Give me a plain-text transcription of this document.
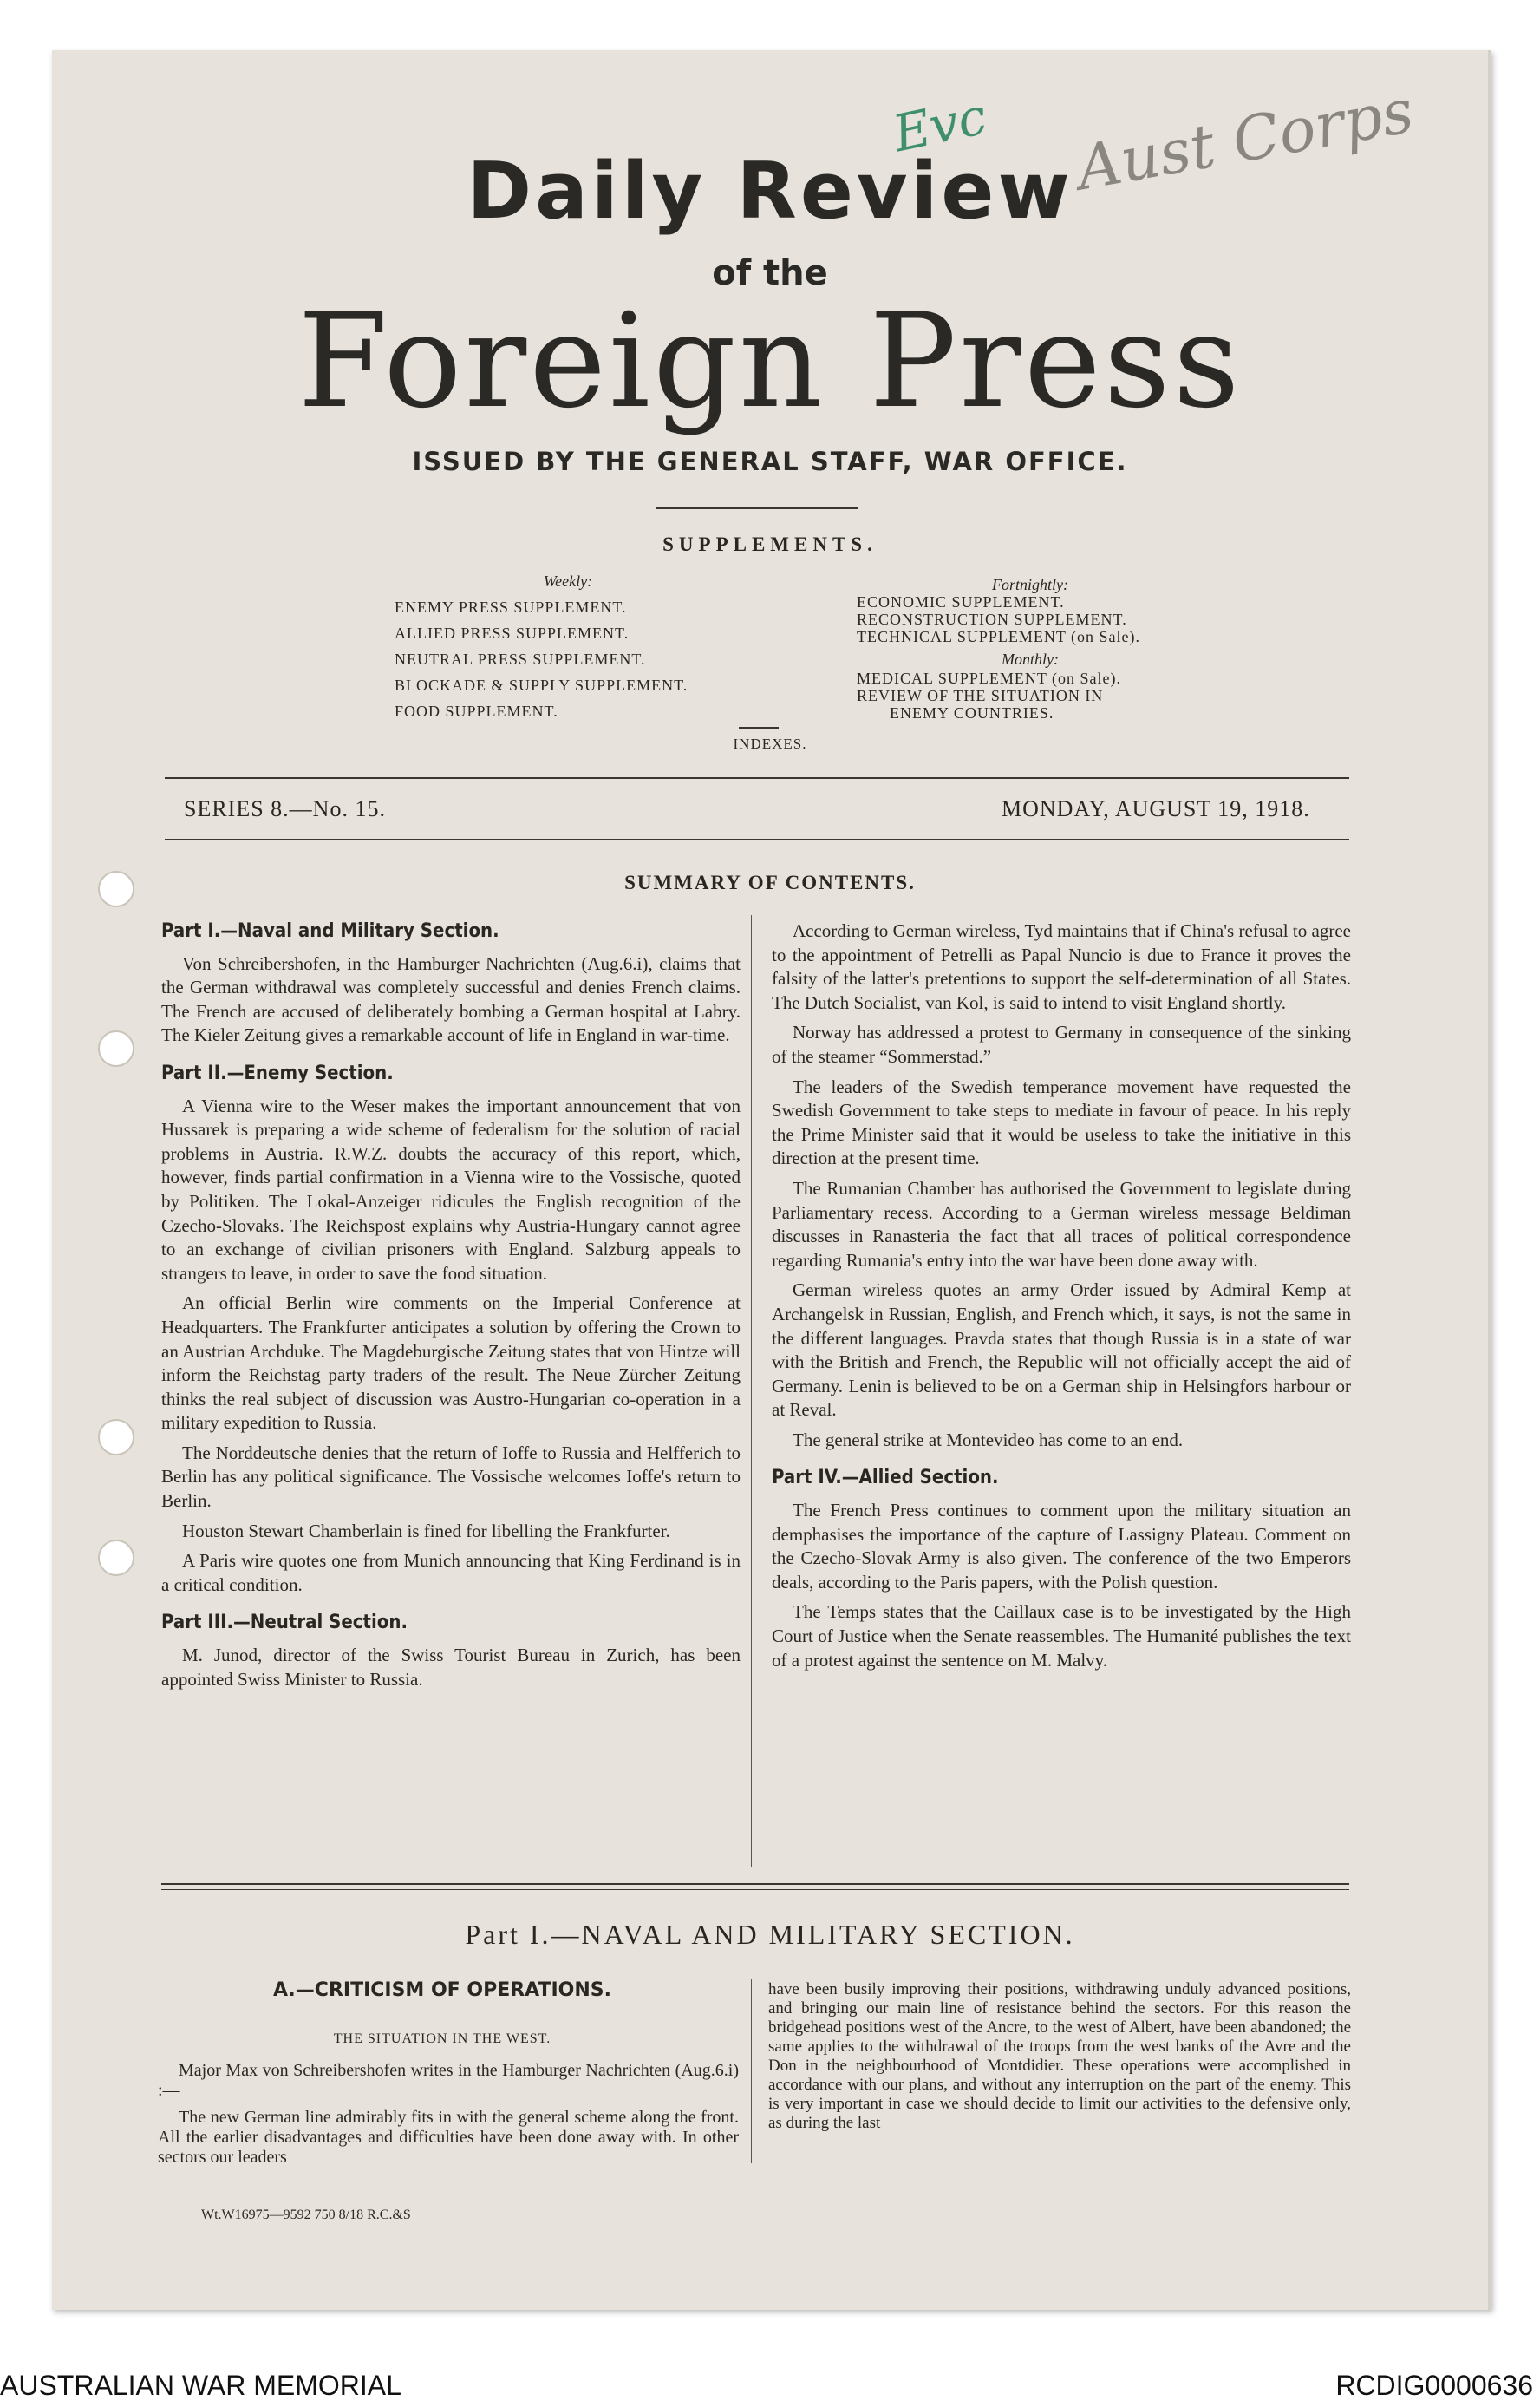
Evc Aust Corps
Daily Review
of the
Foreign Press
ISSUED BY THE GENERAL STAFF, WAR OFFICE.
SUPPLEMENTS.
Weekly:
ENEMY PRESS SUPPLEMENT.
ALLIED PRESS SUPPLEMENT.
NEUTRAL PRESS SUPPLEMENT.
BLOCKADE & SUPPLY SUPPLEMENT.
FOOD SUPPLEMENT.
Fortnightly:
ECONOMIC SUPPLEMENT.
RECONSTRUCTION SUPPLEMENT.
TECHNICAL SUPPLEMENT (on Sale).
Monthly:
MEDICAL SUPPLEMENT (on Sale).
REVIEW OF THE SITUATION IN
ENEMY COUNTRIES.
INDEXES.
SERIES 8.—No. 15.	MONDAY, AUGUST 19, 1918.
SUMMARY OF CONTENTS.
Part I.—Naval and Military Section.

Von Schreibershofen, in the Hamburger Nachrichten (Aug.6.i), claims that the German withdrawal was completely successful and denies French claims. The French are accused of deliberately bombing a German hospital at Labry. The Kieler Zeitung gives a remarkable account of life in England in war-time.

Part II.—Enemy Section.

A Vienna wire to the Weser makes the important announcement that von Hussarek is preparing a wide scheme of federalism for the solution of racial problems in Austria. R.W.Z. doubts the accuracy of this report, which, however, finds partial confirmation in a Vienna wire to the Vossische, quoted by Politiken. The Lokal-Anzeiger ridicules the English recognition of the Czecho-Slovaks. The Reichspost explains why Austria-Hungary cannot agree to an exchange of civilian prisoners with England. Salzburg appeals to strangers to leave, in order to save the food situation.

An official Berlin wire comments on the Imperial Conference at Headquarters. The Frankfurter anticipates a solution by offering the Crown to an Austrian Archduke. The Magdeburgische Zeitung states that von Hintze will inform the Reichstag party traders of the result. The Neue Zürcher Zeitung thinks the real subject of discussion was Austro-Hungarian co-operation in a military expedition to Russia.

The Norddeutsche denies that the return of Ioffe to Russia and Helfferich to Berlin has any political significance. The Vossische welcomes Ioffe's return to Berlin.

Houston Stewart Chamberlain is fined for libelling the Frankfurter.

A Paris wire quotes one from Munich announcing that King Ferdinand is in a critical condition.

Part III.—Neutral Section.

M. Junod, director of the Swiss Tourist Bureau in Zurich, has been appointed Swiss Minister to Russia.

According to German wireless, Tyd maintains that if China's refusal to agree to the appointment of Petrelli as Papal Nuncio is due to France it proves the falsity of the latter's pretentions to support the self-determination of all States. The Dutch Socialist, van Kol, is said to intend to visit England shortly.

Norway has addressed a protest to Germany in consequence of the sinking of the steamer “Sommerstad.”

The leaders of the Swedish temperance movement have requested the Swedish Government to take steps to mediate in favour of peace. In his reply the Prime Minister said that it would be useless to take the initiative in this direction at the present time.

The Rumanian Chamber has authorised the Government to legislate during Parliamentary recess. According to a German wireless message Beldiman discusses in Ranasteria the fact that all traces of political correspondence regarding Rumania's entry into the war have been done away with.

German wireless quotes an army Order issued by Admiral Kemp at Archangelsk in Russian, English, and French which, it says, is not the same in the different languages. Pravda states that though Russia is in a state of war with the British and French, the Republic will not officially accept the aid of Germany. Lenin is believed to be on a German ship in Helsingfors harbour or at Reval.

The general strike at Montevideo has come to an end.

Part IV.—Allied Section.

The French Press continues to comment upon the military situation an demphasises the importance of the capture of Lassigny Plateau. Comment on the Czecho-Slovak Army is also given. The conference of the two Emperors deals, according to the Paris papers, with the Polish question.

The Temps states that the Caillaux case is to be investigated by the High Court of Justice when the Senate reassembles. The Humanité publishes the text of a protest against the sentence on M. Malvy.

Part I.—NAVAL AND MILITARY SECTION.
A.—CRITICISM OF OPERATIONS.
THE SITUATION IN THE WEST.

Major Max von Schreibershofen writes in the Hamburger Nachrichten (Aug.6.i) :—

The new German line admirably fits in with the general scheme along the front. All the earlier disadvantages and difficulties have been done away with. In other sectors our leaders

have been busily improving their positions, withdrawing unduly advanced positions, and bringing our main line of resistance behind the sectors. For this reason the bridgehead positions west of the Ancre, to the west of Albert, have been abandoned; the same applies to the withdrawal of the troops from the west banks of the Avre and the Don in the neighbourhood of Montdidier. These operations were accomplished in accordance with our plans, and without any interruption on the part of the enemy. This is very important in case we should decide to limit our activities to the defensive only, as during the last

Wt.W16975—9592 750 8/18 R.C.&S
AUSTRALIAN WAR MEMORIAL	RCDIG0000636
